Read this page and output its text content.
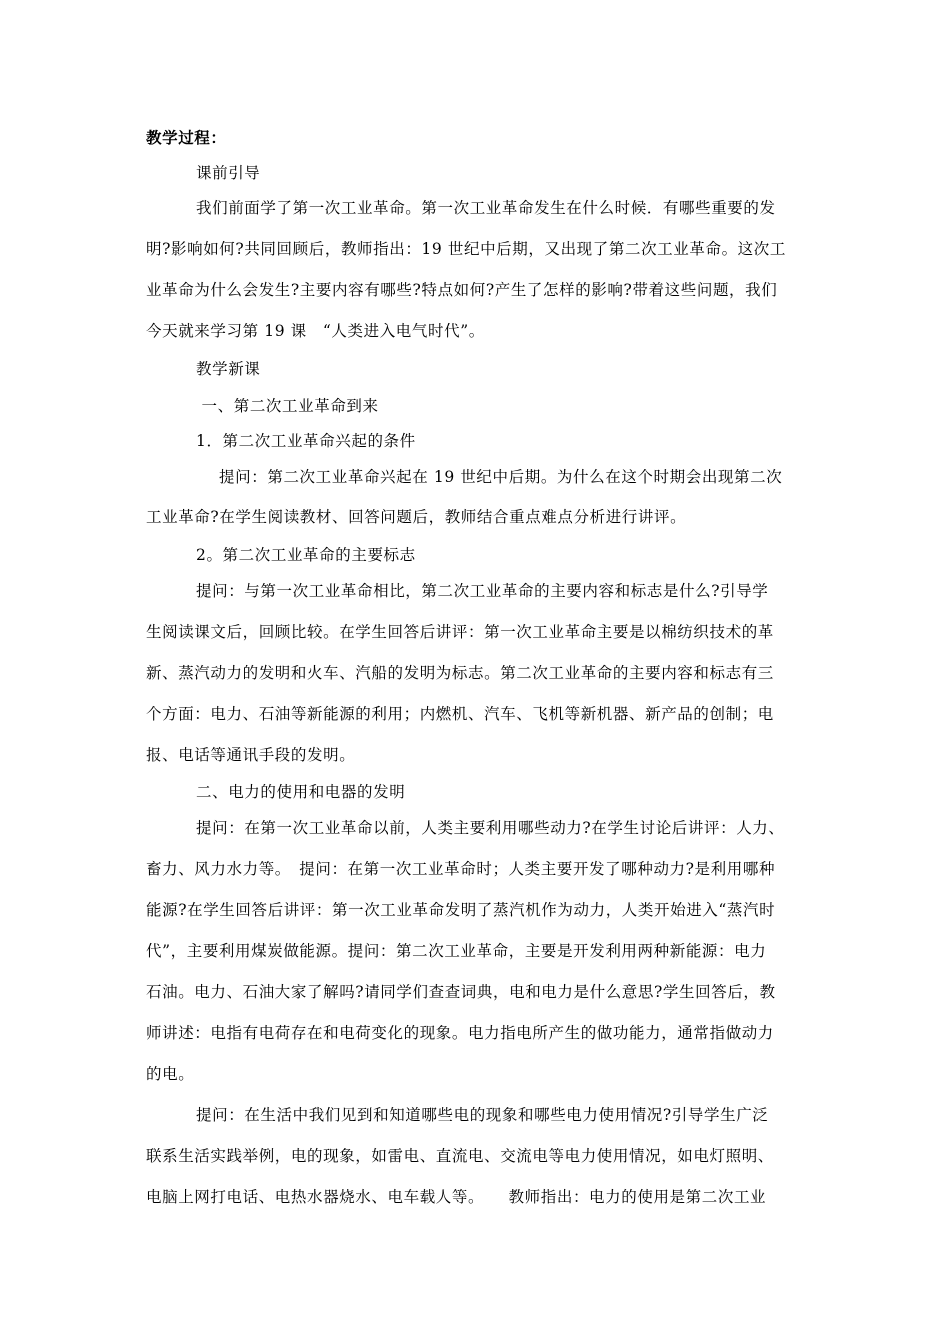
教学过程：
课前引导
我们前面学了第一次工业革命。第一次工业革命发生在什么时候．有哪些重要的发
明?影响如何?共同回顾后，教师指出：19 世纪中后期，又出现了第二次工业革命。这次工
业革命为什么会发生?主要内容有哪些?特点如何?产生了怎样的影响?带着这些问题，我们
今天就来学习第 19 课　“人类进入电气时代”。
教学新课
一、第二次工业革命到来
1．第二次工业革命兴起的条件
提问：第二次工业革命兴起在 19 世纪中后期。为什么在这个时期会出现第二次
工业革命?在学生阅读教材、回答问题后，教师结合重点难点分析进行讲评。
2。第二次工业革命的主要标志
提问：与第一次工业革命相比，第二次工业革命的主要内容和标志是什么?引导学
生阅读课文后，回顾比较。在学生回答后讲评：第一次工业革命主要是以棉纺织技术的革
新、蒸汽动力的发明和火车、汽船的发明为标志。第二次工业革命的主要内容和标志有三
个方面：电力、石油等新能源的利用；内燃机、汽车、飞机等新机器、新产品的创制；电
报、电话等通讯手段的发明。
二、电力的使用和电器的发明
提问：在第一次工业革命以前，人类主要利用哪些动力?在学生讨论后讲评：人力、
畜力、风力水力等。　提问：在第一次工业革命时；人类主要开发了哪种动力?是利用哪种
能源?在学生回答后讲评：第一次工业革命发明了蒸汽机作为动力，人类开始进入“蒸汽时
代”，主要利用煤炭做能源。提问：第二次工业革命，主要是开发利用两种新能源：电力
石油。电力、石油大家了解吗?请同学们查查词典，电和电力是什么意思?学生回答后，教
师讲述：电指有电荷存在和电荷变化的现象。电力指电所产生的做功能力，通常指做动力
的电。
提问：在生活中我们见到和知道哪些电的现象和哪些电力使用情况?引导学生广泛
联系生活实践举例，电的现象，如雷电、直流电、交流电等电力使用情况，如电灯照明、
电脑上网打电话、电热水器烧水、电车载人等。　　教师指出：电力的使用是第二次工业
